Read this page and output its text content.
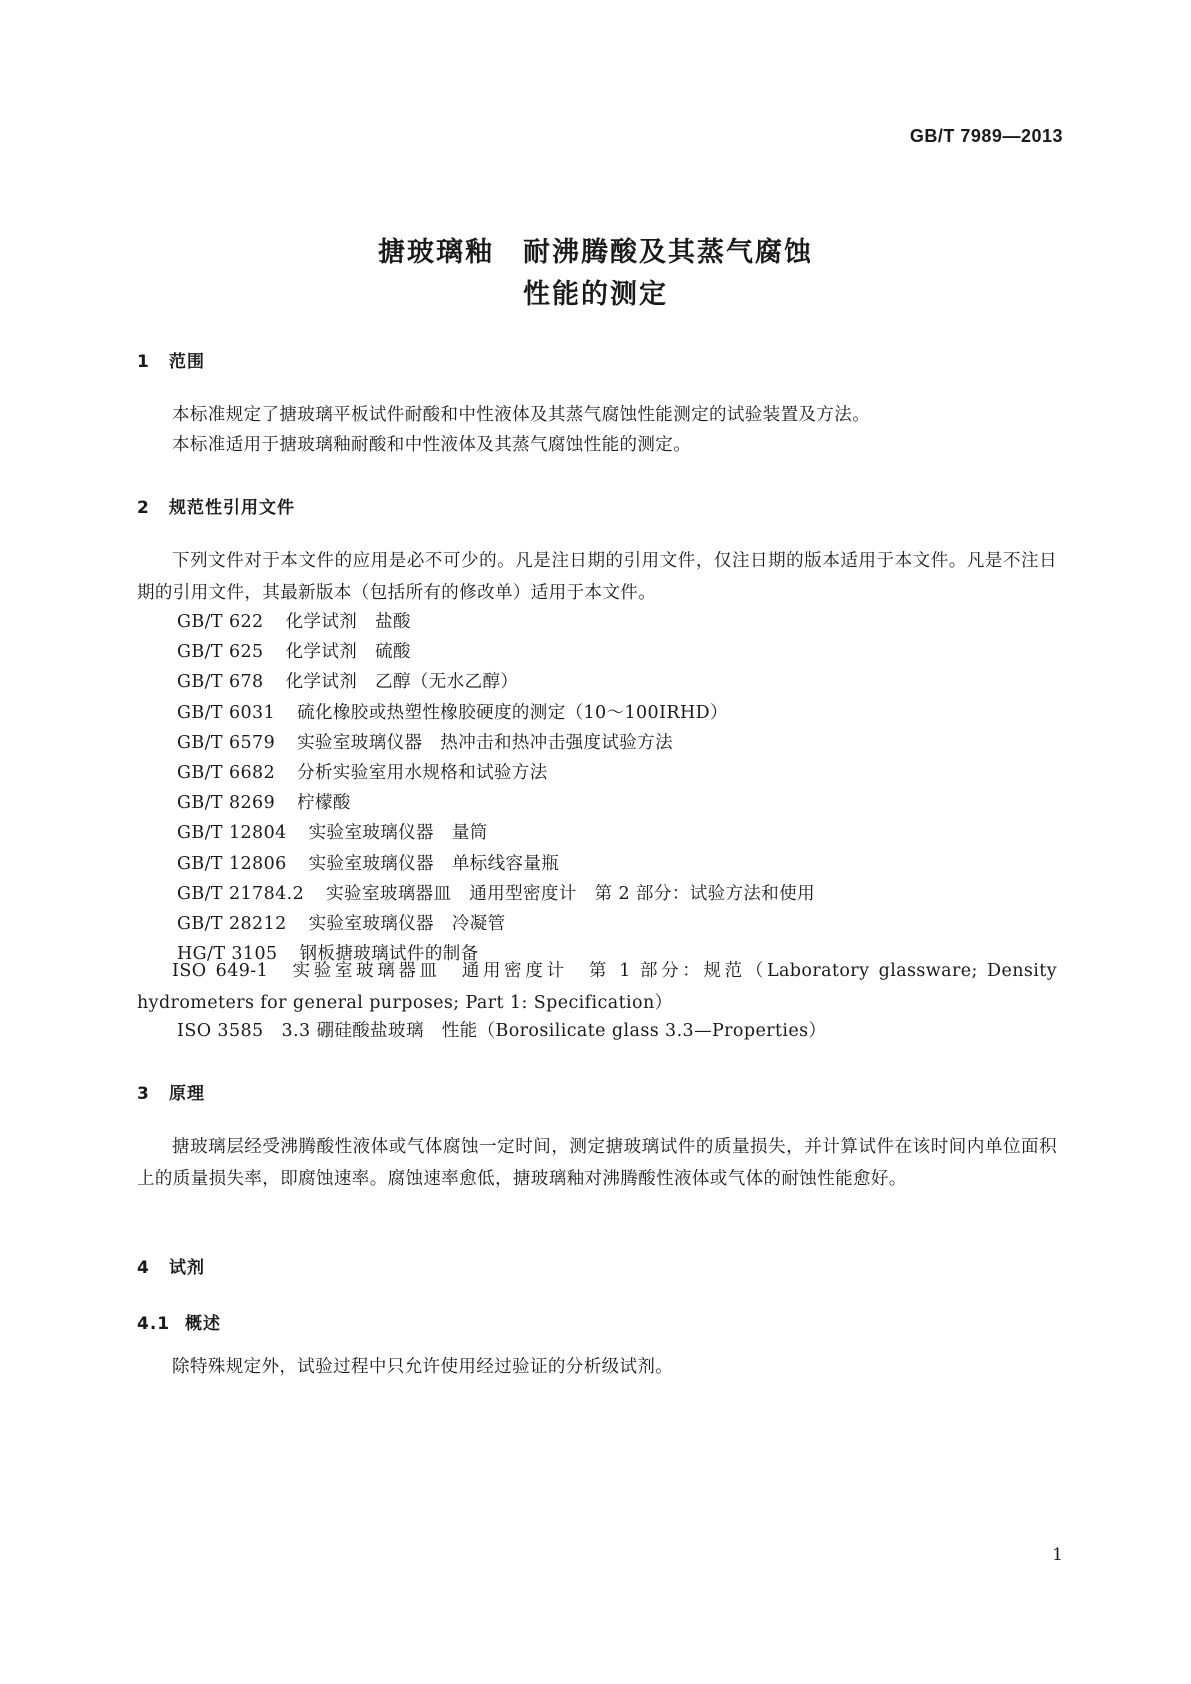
GB/T 7989—2013
搪玻璃釉　耐沸腾酸及其蒸气腐蚀
性能的测定
1 范围
本标准规定了搪玻璃平板试件耐酸和中性液体及其蒸气腐蚀性能测定的试验装置及方法。
本标准适用于搪玻璃釉耐酸和中性液体及其蒸气腐蚀性能的测定。
2 规范性引用文件
下列文件对于本文件的应用是必不可少的。凡是注日期的引用文件，仅注日期的版本适用于本文件。凡是不注日期的引用文件，其最新版本（包括所有的修改单）适用于本文件。
GB/T 622 化学试剂　盐酸
GB/T 625 化学试剂　硫酸
GB/T 678 化学试剂　乙醇（无水乙醇）
GB/T 6031 硫化橡胶或热塑性橡胶硬度的测定（10～100IRHD）
GB/T 6579 实验室玻璃仪器　热冲击和热冲击强度试验方法
GB/T 6682 分析实验室用水规格和试验方法
GB/T 8269 柠檬酸
GB/T 12804 实验室玻璃仪器　量筒
GB/T 12806 实验室玻璃仪器　单标线容量瓶
GB/T 21784.2 实验室玻璃器皿　通用型密度计　第 2 部分：试验方法和使用
GB/T 28212 实验室玻璃仪器　冷凝管
HG/T 3105 钢板搪玻璃试件的制备
ISO 649-1　实验室玻璃器皿　通用密度计　第 1 部分：规范（Laboratory glassware; Density hydrometers for general purposes; Part 1: Specification）
ISO 3585　3.3 硼硅酸盐玻璃　性能（Borosilicate glass 3.3—Properties）
3 原理
搪玻璃层经受沸腾酸性液体或气体腐蚀一定时间，测定搪玻璃试件的质量损失，并计算试件在该时间内单位面积上的质量损失率，即腐蚀速率。腐蚀速率愈低，搪玻璃釉对沸腾酸性液体或气体的耐蚀性能愈好。
4 试剂
4.1 概述
除特殊规定外，试验过程中只允许使用经过验证的分析级试剂。
1
